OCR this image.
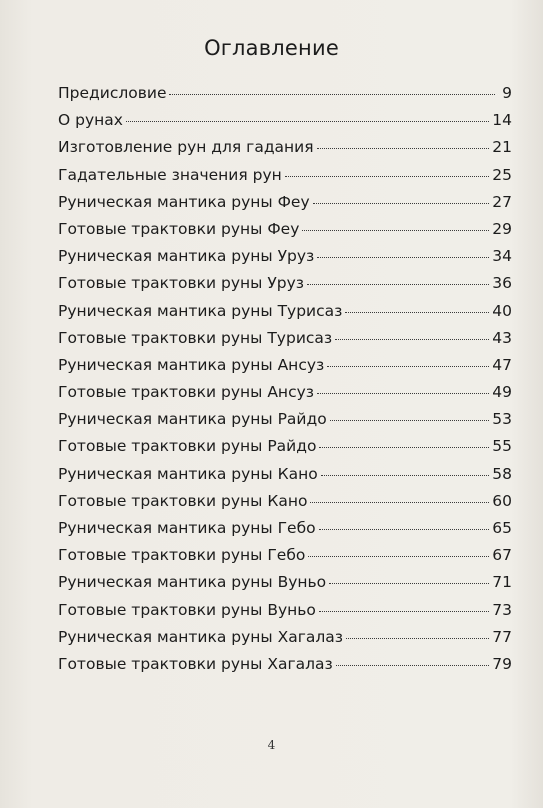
Оглавление
Предисловие	9
О рунах	14
Изготовление рун для гадания	21
Гадательные значения рун	25
Руническая мантика руны Феу	27
Готовые трактовки руны Феу	29
Руническая мантика руны Уруз	34
Готовые трактовки руны Уруз	36
Руническая мантика руны Турисаз	40
Готовые трактовки руны Турисаз	43
Руническая мантика руны Ансуз	47
Готовые трактовки руны Ансуз	49
Руническая мантика руны Райдо	53
Готовые трактовки руны Райдо	55
Руническая мантика руны Кано	58
Готовые трактовки руны Кано	60
Руническая мантика руны Гебо	65
Готовые трактовки руны Гебо	67
Руническая мантика руны Вуньо	71
Готовые трактовки руны Вуньо	73
Руническая мантика руны Хагалаз	77
Готовые трактовки руны Хагалаз	79
4
